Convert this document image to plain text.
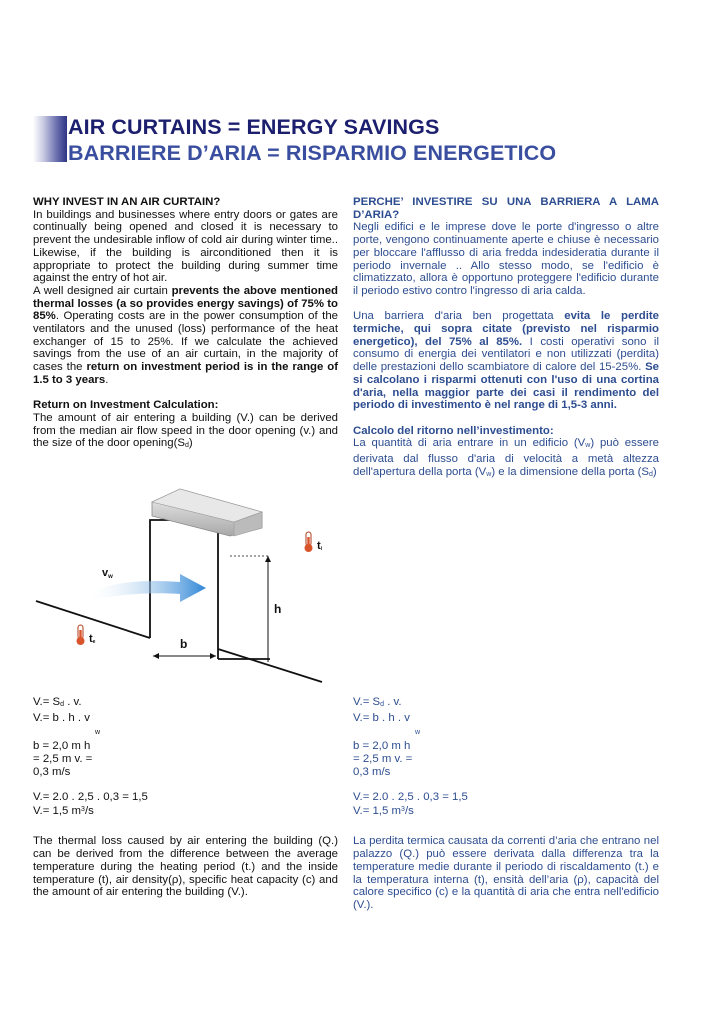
AIR CURTAINS = ENERGY SAVINGS
BARRIERE D’ARIA = RISPARMIO ENERGETICO

WHY INVEST IN AN AIR CURTAIN?

In buildings and businesses where entry doors or gates are continually being opened and closed it is necessary to prevent the undesirable inflow of cold air during winter time.. Likewise, if the building is airconditioned then it is appropriate to protect the building during summer time against the entry of hot air.

A well designed air curtain prevents the above mentioned thermal losses (a so provides energy savings) of 75% to 85%. Operating costs are in the power consumption of the ventilators and the unused (loss) performance of the heat exchanger of 15 to 25%. If we calculate the achieved savings from the use of an air curtain, in the majority of cases the return on investment period is in the range of 1.5 to 3 years.

Return on Investment Calculation:

The amount of air entering a building (V.) can be derived from the median air flow speed in the door opening (v.) and the size of the door opening(Sd)

PERCHE’ INVESTIRE SU UNA BARRIERA A LAMA D’ARIA?

Negli edifici e le imprese dove le porte d'ingresso o altre porte, vengono continuamente aperte e chiuse è necessario per bloccare l'afflusso di aria fredda indesideratia durante il periodo invernale .. Allo stesso modo, se l'edificio è climatizzato, allora è opportuno proteggere l'edificio durante il periodo estivo contro l'ingresso di aria calda.

Una barriera d'aria ben progettata evita le perdite termiche, qui sopra citate (previsto nel risparmio energetico), del 75% al 85%. I costi operativi sono il consumo di energia dei ventilatori e non utilizzati (perdita) delle prestazioni dello scambiatore di calore del 15-25%. Se si calcolano i risparmi ottenuti con l'uso di una cortina d'aria, nella maggior parte dei casi il rendimento del periodo di investimento è nel range di 1,5-3 anni.

Calcolo del ritorno nell’investimento:

La quantità di aria entrare in un edificio (Vw) può essere derivata dal flusso d'aria di velocità a metà altezza dell'apertura della porta (Vw) e la dimensione della porta (Sd)

vw
h
b
ti
te

V.= Sd . v.

V.= b . h . v
w

b = 2,0 m h

= 2,5 m v. =

0,3 m/s

V.= 2.0 . 2,5 . 0,3 = 1,5

V.= 1,5 $m^3/s$

V.= Sd . v.

V.= b . h . v
w

b = 2,0 m h

= 2,5 m v. =

0,3 m/s

V.= 2.0 . 2,5 . 0,3 = 1,5

V.= 1,5 $m^3/s$

The thermal loss caused by air entering the building (Q.) can be derived from the difference between the average temperature during the heating period (t.) and the inside temperature (t), air density(ρ), specific heat capacity (c) and the amount of air entering the building (V.).

La perdita termica causata da correnti d’aria che entrano nel palazzo (Q.) può essere derivata dalla differenza tra la temperature medie durante il periodo di riscaldamento (t.) e la temperatura interna (t), ensità dell’aria (ρ), capacità del calore specifico (c) e la quantità di aria che entra nell'edificio (V.).
